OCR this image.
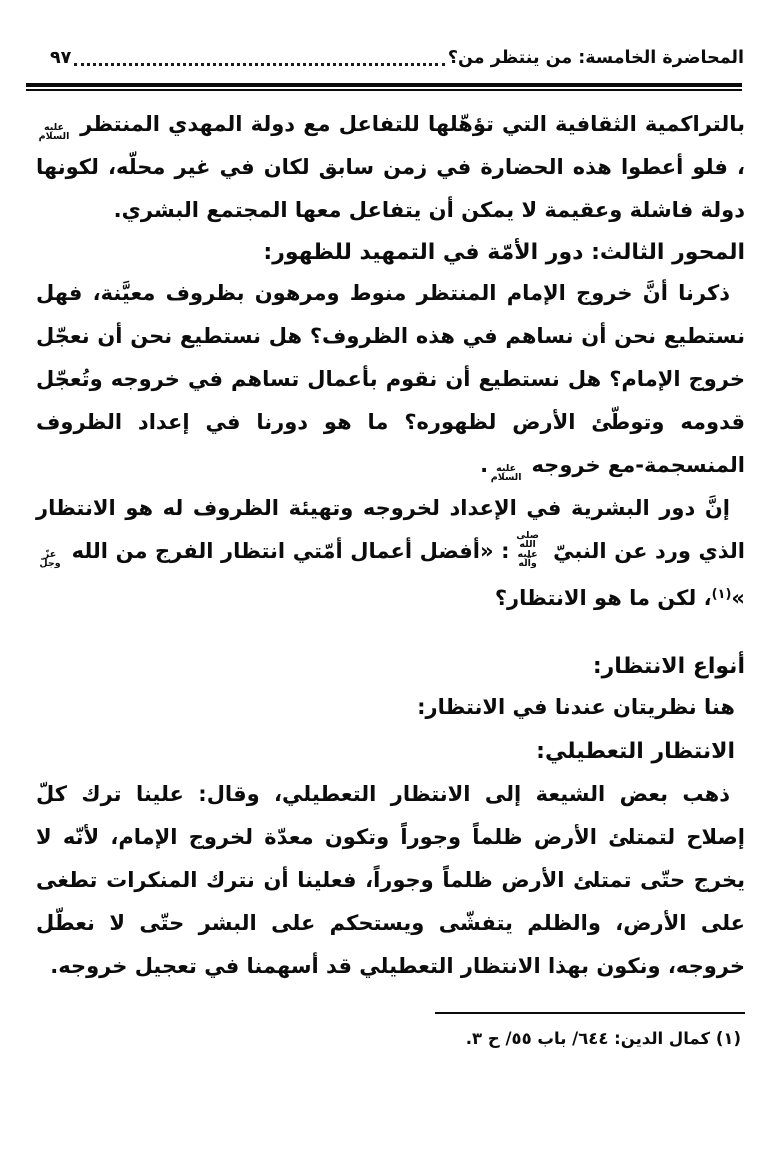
المحاضرة الخامسة: من ينتظر من؟
٩٧

بالتراكمية الثقافية التي تؤهّلها للتفاعل مع دولة المهدي المنتظر عليه السلام، فلو أعطوا هذه الحضارة في زمن سابق لكان في غير محلّه، لكونها دولة فاشلة وعقيمة لا يمكن أن يتفاعل معها المجتمع البشري.

المحور الثالث: دور الأمّة في التمهيد للظهور:

ذكرنا أنَّ خروج الإمام المنتظر منوط ومرهون بظروف معيَّنة، فهل نستطيع نحن أن نساهم في هذه الظروف؟ هل نستطيع نحن أن نعجّل خروج الإمام؟ هل نستطيع أن نقوم بأعمال تساهم في خروجه وتُعجّل قدومه وتوطّئ الأرض لظهوره؟ ما هو دورنا في إعداد الظروف المنسجمة-مع خروجه عليه السلام.

إنَّ دور البشرية في الإعداد لخروجه وتهيئة الظروف له هو الانتظار الذي ورد عن النبيّ صلى الله عليه وآله: «أفضل أعمال أمّتي انتظار الفرج من الله عزّ وجلّ»$^{(١)}$، لكن ما هو الانتظار؟

أنواع الانتظار:

هنا نظريتان عندنا في الانتظار:

الانتظار التعطيلي:

ذهب بعض الشيعة إلى الانتظار التعطيلي، وقال: علينا ترك كلّ إصلاح لتمتلئ الأرض ظلماً وجوراً وتكون معدّة لخروج الإمام، لأنّه لا يخرج حتّى تمتلئ الأرض ظلماً وجوراً، فعلينا أن نترك المنكرات تطغى على الأرض، والظلم يتفشّى ويستحكم على البشر حتّى لا نعطّل خروجه، ونكون بهذا الانتظار التعطيلي قد أسهمنا في تعجيل خروجه.

(١) كمال الدين: ٦٤٤/ باب ٥٥/ ح ٣.
